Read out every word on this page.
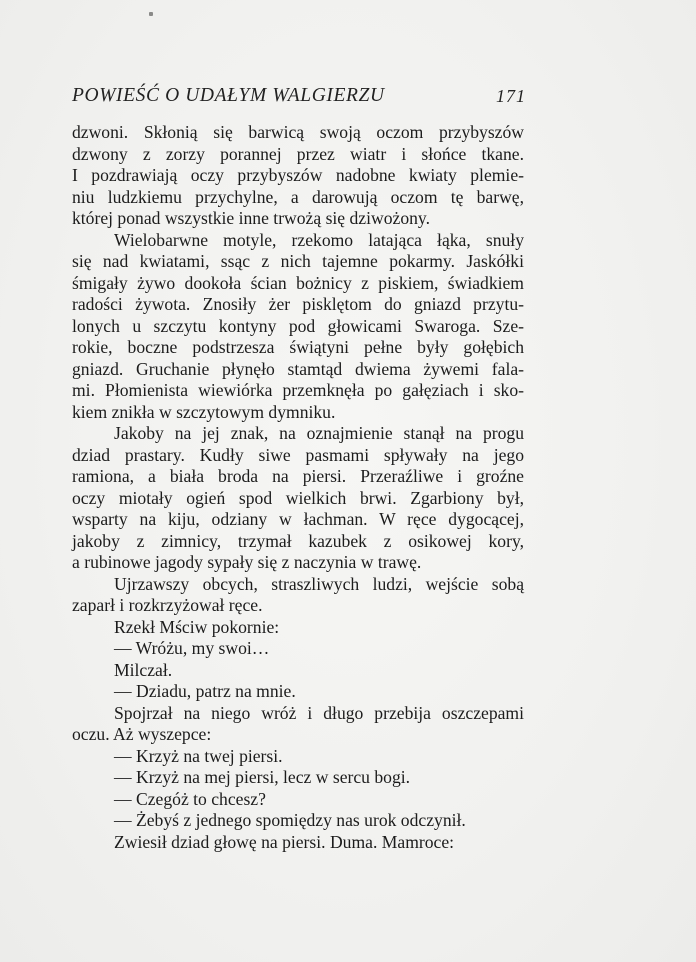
POWIEŚĆ O UDAŁYM WALGIERZU	171
dzwoni. Skłonią się barwicą swoją oczom przybyszów
dzwony z zorzy porannej przez wiatr i słońce tkane.
I pozdrawiają oczy przybyszów nadobne kwiaty plemie-
niu ludzkiemu przychylne, a darowują oczom tę barwę,
której ponad wszystkie inne trwożą się dziwożony.
Wielobarwne motyle, rzekomo latająca łąka, snuły
się nad kwiatami, ssąc z nich tajemne pokarmy. Jaskółki
śmigały żywo dookoła ścian bożnicy z piskiem, świadkiem
radości żywota. Znosiły żer pisklętom do gniazd przytu-
lonych u szczytu kontyny pod głowicami Swaroga. Sze-
rokie, boczne podstrzesza świątyni pełne były gołębich
gniazd. Gruchanie płynęło stamtąd dwiema żywemi fala-
mi. Płomienista wiewiórka przemknęła po gałęziach i sko-
kiem znikła w szczytowym dymniku.
Jakoby na jej znak, na oznajmienie stanął na progu
dziad prastary. Kudły siwe pasmami spływały na jego
ramiona, a biała broda na piersi. Przeraźliwe i groźne
oczy miotały ogień spod wielkich brwi. Zgarbiony był,
wsparty na kiju, odziany w łachman. W ręce dygocącej,
jakoby z zimnicy, trzymał kazubek z osikowej kory,
a rubinowe jagody sypały się z naczynia w trawę.
Ujrzawszy obcych, straszliwych ludzi, wejście sobą
zaparł i rozkrzyżował ręce.
Rzekł Mściw pokornie:
— Wróżu, my swoi…
Milczał.
— Dziadu, patrz na mnie.
Spojrzał na niego wróż i długo przebija oszczepami
oczu. Aż wyszepce:
— Krzyż na twej piersi.
— Krzyż na mej piersi, lecz w sercu bogi.
— Czegóż to chcesz?
— Żebyś z jednego spomiędzy nas urok odczynił.
Zwiesił dziad głowę na piersi. Duma. Mamroce:
